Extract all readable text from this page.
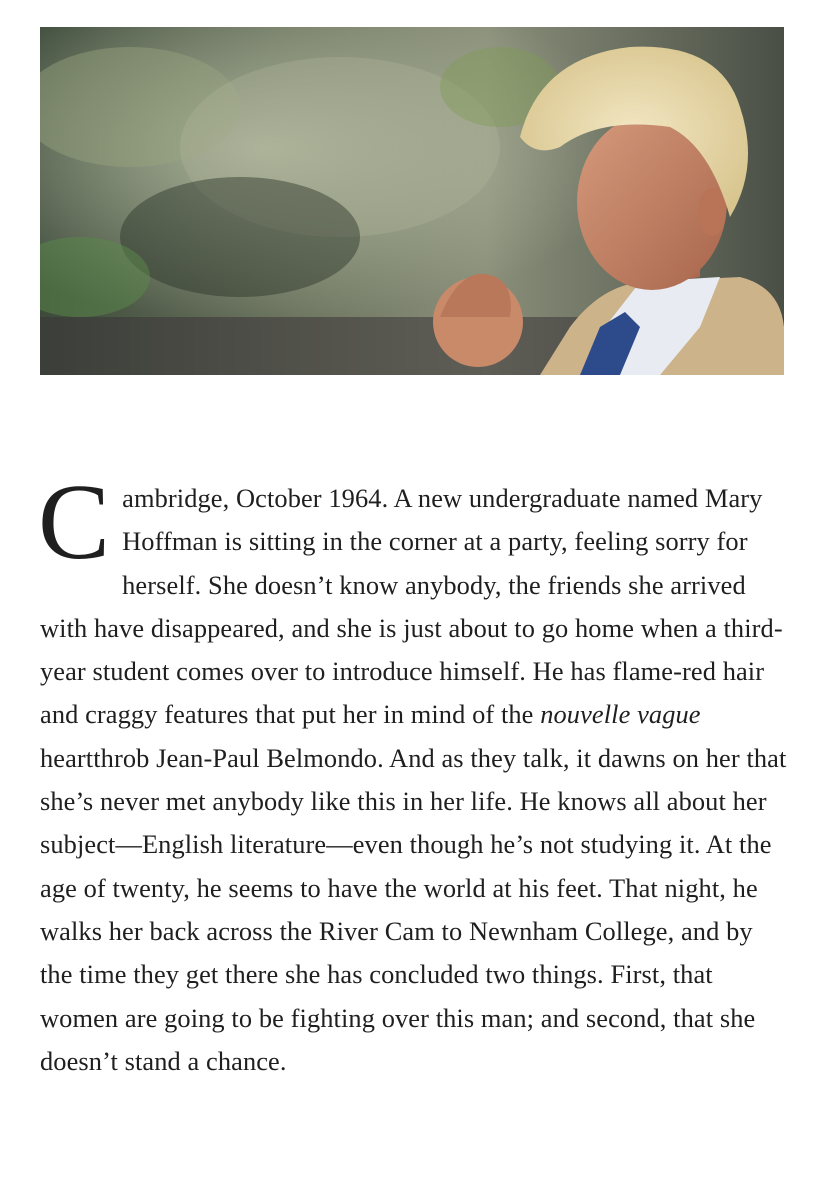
C ambridge, October 1964. A new undergraduate named Mary Hoffman is sitting in the corner at a party, feeling sorry for herself. She doesn’t know anybody, the friends she arrived with have disappeared, and she is just about to go home when a third-year student comes over to introduce himself. He has flame-red hair and craggy features that put her in mind of the nouvelle vague heartthrob Jean-Paul Belmondo. And as they talk, it dawns on her that she’s never met anybody like this in her life. He knows all about her subject—English literature—even though he’s not studying it. At the age of twenty, he seems to have the world at his feet. That night, he walks her back across the River Cam to Newnham College, and by the time they get there she has concluded two things. First, that women are going to be fighting over this man; and second, that she doesn’t stand a chance.
